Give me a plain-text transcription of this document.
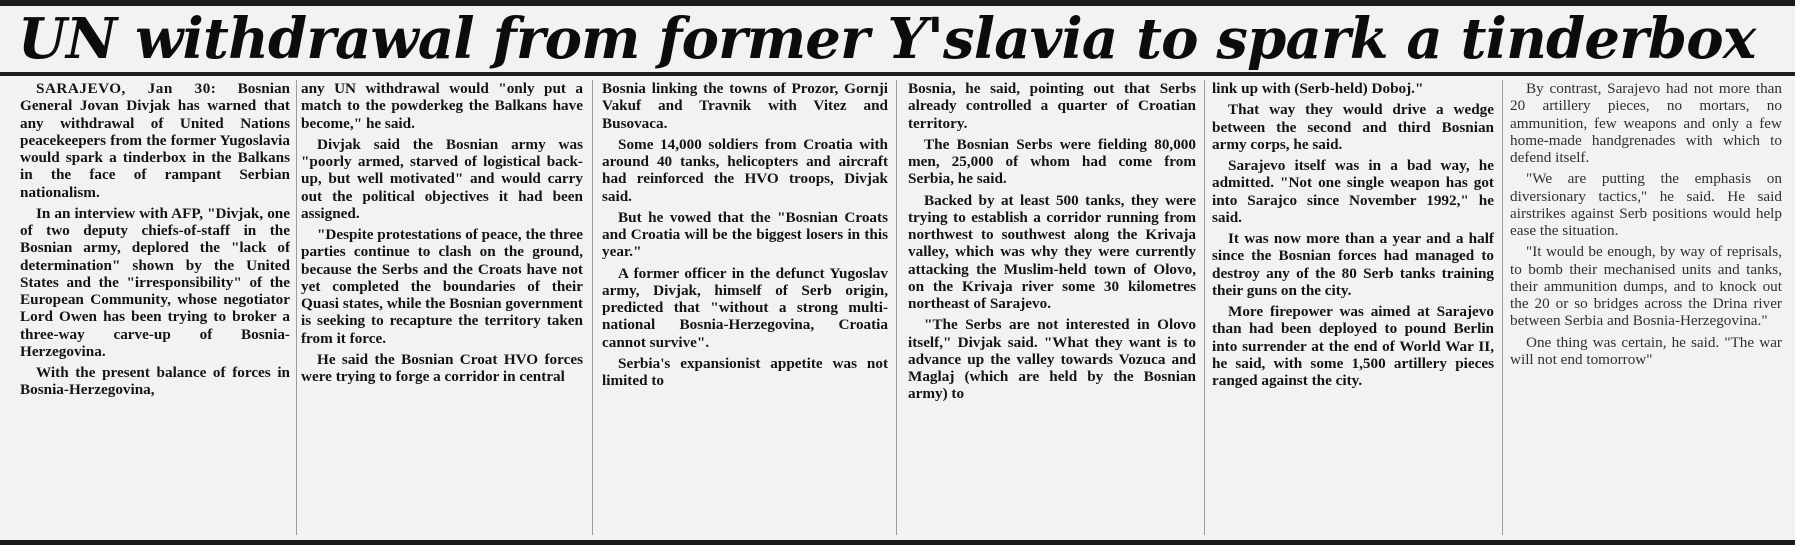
UN withdrawal from former Y'slavia to spark a tinderbox

SARAJEVO, Jan 30: Bosnian General Jovan Divjak has warned that any withdrawal of United Nations peacekeepers from the former Yugoslavia would spark a tinderbox in the Balkans in the face of rampant Serbian nationalism.

In an interview with AFP, "Divjak, one of two deputy chiefs-of-staff in the Bosnian army, deplored the "lack of determination" shown by the United States and the "irresponsibility" of the European Community, whose negotiator Lord Owen has been trying to broker a three-way carve-up of Bosnia-Herzegovina.

With the present balance of forces in Bosnia-Herzegovina,

any UN withdrawal would "only put a match to the powderkeg the Balkans have become," he said.

Divjak said the Bosnian army was "poorly armed, starved of logistical back-up, but well motivated" and would carry out the political objectives it had been assigned.

"Despite protestations of peace, the three parties continue to clash on the ground, because the Serbs and the Croats have not yet completed the boundaries of their Quasi states, while the Bosnian government is seeking to recapture the territory taken from it force.

He said the Bosnian Croat HVO forces were trying to forge a corridor in central

Bosnia linking the towns of Prozor, Gornji Vakuf and Travnik with Vitez and Busovaca.

Some 14,000 soldiers from Croatia with around 40 tanks, helicopters and aircraft had reinforced the HVO troops, Divjak said.

But he vowed that the "Bosnian Croats and Croatia will be the biggest losers in this year."

A former officer in the defunct Yugoslav army, Divjak, himself of Serb origin, predicted that "without a strong multi-national Bosnia-Herzegovina, Croatia cannot survive".

Serbia's expansionist appetite was not limited to

Bosnia, he said, pointing out that Serbs already controlled a quarter of Croatian territory.

The Bosnian Serbs were fielding 80,000 men, 25,000 of whom had come from Serbia, he said.

Backed by at least 500 tanks, they were trying to establish a corridor running from northwest to southwest along the Krivaja valley, which was why they were currently attacking the Muslim-held town of Olovo, on the Krivaja river some 30 kilometres northeast of Sarajevo.

"The Serbs are not interested in Olovo itself," Divjak said. "What they want is to advance up the valley towards Vozuca and Maglaj (which are held by the Bosnian army) to

link up with (Serb-held) Doboj."

That way they would drive a wedge between the second and third Bosnian army corps, he said.

Sarajevo itself was in a bad way, he admitted. "Not one single weapon has got into Sarajco since November 1992," he said.

It was now more than a year and a half since the Bosnian forces had managed to destroy any of the 80 Serb tanks training their guns on the city.

More firepower was aimed at Sarajevo than had been deployed to pound Berlin into surrender at the end of World War II, he said, with some 1,500 artillery pieces ranged against the city.

By contrast, Sarajevo had not more than 20 artillery pieces, no mortars, no ammunition, few weapons and only a few home-made handgrenades with which to defend itself.

"We are putting the emphasis on diversionary tactics," he said. He said airstrikes against Serb positions would help ease the situation.

"It would be enough, by way of reprisals, to bomb their mechanised units and tanks, their ammunition dumps, and to knock out the 20 or so bridges across the Drina river between Serbia and Bosnia-Herzegovina."

One thing was certain, he said. "The war will not end tomorrow"
